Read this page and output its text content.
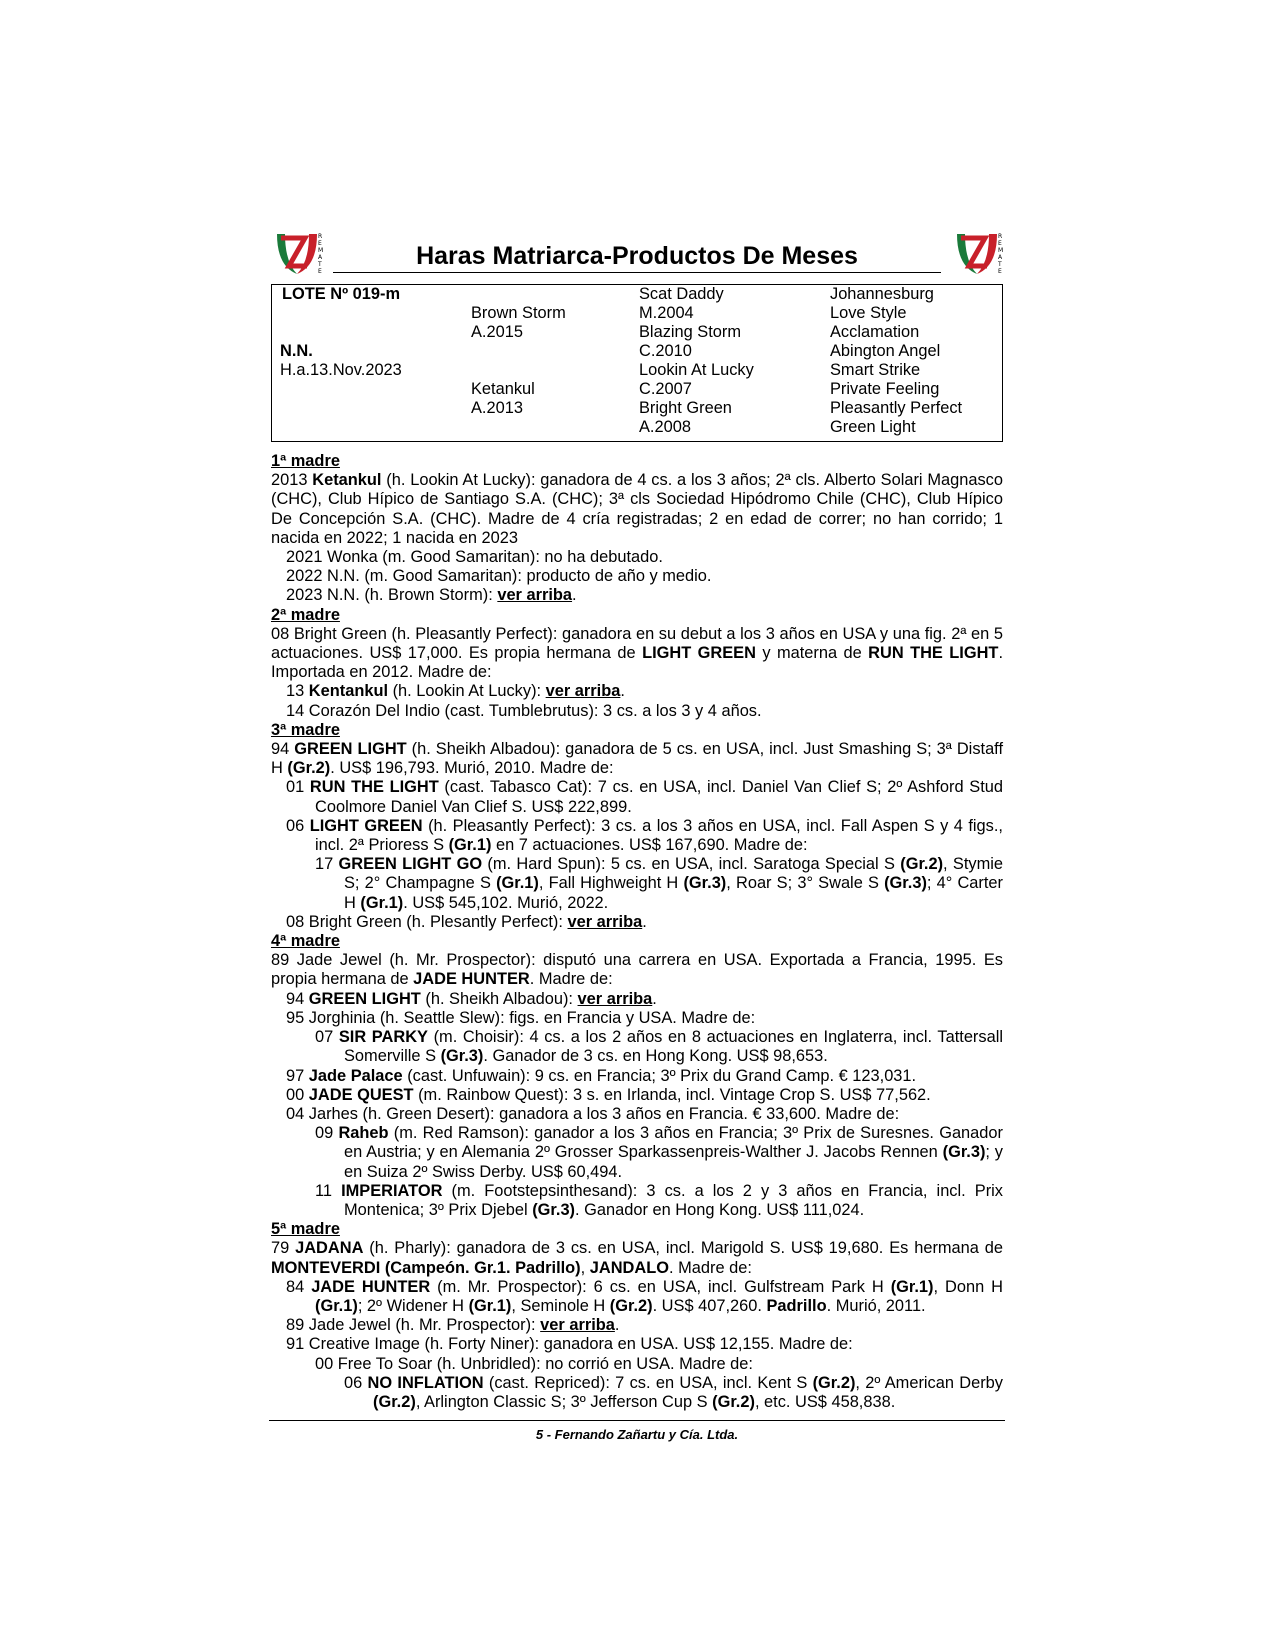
R
E
M
A
T
E
Haras Matriarca-Productos De Meses
R
E
M
A
T
E
LOTE Nº 019-m
N.N.
H.a.13.Nov.2023
Brown Storm
A.2015
Ketankul
A.2013
Scat Daddy
M.2004
Blazing Storm
C.2010
Lookin At Lucky
C.2007
Bright Green
A.2008
Johannesburg
Love Style
Acclamation
Abington Angel
Smart Strike
Private Feeling
Pleasantly Perfect
Green Light

1ª madre

2013 Ketankul (h. Lookin At Lucky): ganadora de 4 cs. a los 3 años; 2ª cls. Alberto Solari Magnasco (CHC), Club Hípico de Santiago S.A. (CHC); 3ª cls Sociedad Hipódromo Chile (CHC), Club Hípico De Concepción S.A. (CHC). Madre de 4 cría registradas; 2 en edad de correr; no han corrido; 1 nacida en 2022; 1 nacida en 2023

2021 Wonka (m. Good Samaritan): no ha debutado.

2022 N.N. (m. Good Samaritan): producto de año y medio.

2023 N.N. (h. Brown Storm): ver arriba.

2ª madre

08 Bright Green (h. Pleasantly Perfect): ganadora en su debut a los 3 años en USA y una fig. 2ª en 5 actuaciones. US$ 17,000. Es propia hermana de LIGHT GREEN y materna de RUN THE LIGHT. Importada en 2012. Madre de:

13 Kentankul (h. Lookin At Lucky): ver arriba.

14 Corazón Del Indio (cast. Tumblebrutus): 3 cs. a los 3 y 4 años.

3ª madre

94 GREEN LIGHT (h. Sheikh Albadou): ganadora de 5 cs. en USA, incl. Just Smashing S; 3ª Distaff H (Gr.2). US$ 196,793. Murió, 2010. Madre de:

01 RUN THE LIGHT (cast. Tabasco Cat): 7 cs. en USA, incl. Daniel Van Clief S; 2º Ashford Stud Coolmore Daniel Van Clief S. US$ 222,899.

06 LIGHT GREEN (h. Pleasantly Perfect): 3 cs. a los 3 años en USA, incl. Fall Aspen S y 4 figs., incl. 2ª Prioress S (Gr.1) en 7 actuaciones. US$ 167,690. Madre de:

17 GREEN LIGHT GO (m. Hard Spun): 5 cs. en USA, incl. Saratoga Special S (Gr.2), Stymie S; 2° Champagne S (Gr.1), Fall Highweight H (Gr.3), Roar S; 3° Swale S (Gr.3); 4° Carter H (Gr.1). US$ 545,102. Murió, 2022.

08 Bright Green (h. Plesantly Perfect): ver arriba.

4ª madre

89 Jade Jewel (h. Mr. Prospector): disputó una carrera en USA. Exportada a Francia, 1995. Es propia hermana de JADE HUNTER. Madre de:

94 GREEN LIGHT (h. Sheikh Albadou): ver arriba.

95 Jorghinia (h. Seattle Slew): figs. en Francia y USA. Madre de:

07 SIR PARKY (m. Choisir): 4 cs. a los 2 años en 8 actuaciones en Inglaterra, incl. Tattersall Somerville S (Gr.3). Ganador de 3 cs. en Hong Kong. US$ 98,653.

97 Jade Palace (cast. Unfuwain): 9 cs. en Francia; 3º Prix du Grand Camp. € 123,031.

00 JADE QUEST (m. Rainbow Quest): 3 s. en Irlanda, incl. Vintage Crop S. US$ 77,562.

04 Jarhes (h. Green Desert): ganadora a los 3 años en Francia. € 33,600. Madre de:

09 Raheb (m. Red Ramson): ganador a los 3 años en Francia; 3º Prix de Suresnes. Ganador en Austria; y en Alemania 2º Grosser Sparkassenpreis-Walther J. Jacobs Rennen (Gr.3); y en Suiza 2º Swiss Derby. US$ 60,494.

11 IMPERIATOR (m. Footstepsinthesand): 3 cs. a los 2 y 3 años en Francia, incl. Prix Montenica; 3º Prix Djebel (Gr.3). Ganador en Hong Kong. US$ 111,024.

5ª madre

79 JADANA (h. Pharly): ganadora de 3 cs. en USA, incl. Marigold S. US$ 19,680. Es hermana de MONTEVERDI (Campeón. Gr.1. Padrillo), JANDALO. Madre de:

84 JADE HUNTER (m. Mr. Prospector): 6 cs. en USA, incl. Gulfstream Park H (Gr.1), Donn H (Gr.1); 2º Widener H (Gr.1), Seminole H (Gr.2). US$ 407,260. Padrillo. Murió, 2011.

89 Jade Jewel (h. Mr. Prospector): ver arriba.

91 Creative Image (h. Forty Niner): ganadora en USA. US$ 12,155. Madre de:

00 Free To Soar (h. Unbridled): no corrió en USA. Madre de:

06 NO INFLATION (cast. Repriced): 7 cs. en USA, incl. Kent S (Gr.2), 2º American Derby (Gr.2), Arlington Classic S; 3º Jefferson Cup S (Gr.2), etc. US$ 458,838.

5 - Fernando Zañartu y Cía. Ltda.
